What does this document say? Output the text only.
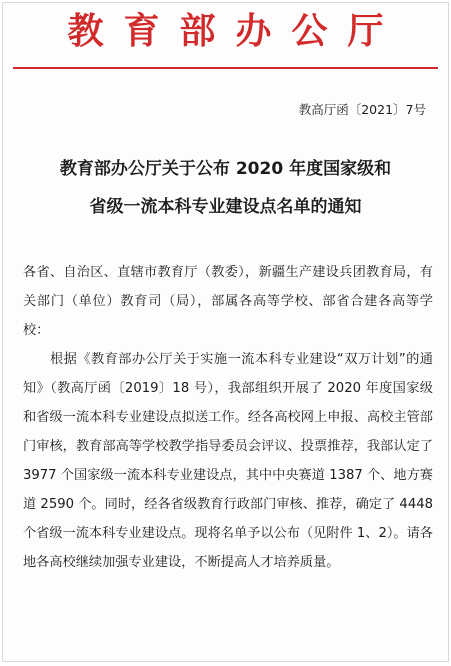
教育部办公厅
教高厅函〔2021〕7号
教育部办公厅关于公布 2020 年度国家级和
省级一流本科专业建设点名单的通知

各省、自治区、直辖市教育厅（教委），新疆生产建设兵团教育局，有关部门（单位）教育司（局），部属各高等学校、部省合建各高等学校：

根据《教育部办公厅关于实施一流本科专业建设“双万计划”的通知》（教高厅函〔2019〕18 号），我部组织开展了 2020 年度国家级和省级一流本科专业建设点拟送工作。经各高校网上申报、高校主管部门审核，教育部高等学校教学指导委员会评议、投票推荐，我部认定了 3977 个国家级一流本科专业建设点，其中中央赛道 1387 个、地方赛道 2590 个。同时，经各省级教育行政部门审核、推荐，确定了 4448 个省级一流本科专业建设点。现将名单予以公布（见附件 1、2）。请各地各高校继续加强专业建设，不断提高人才培养质量。
